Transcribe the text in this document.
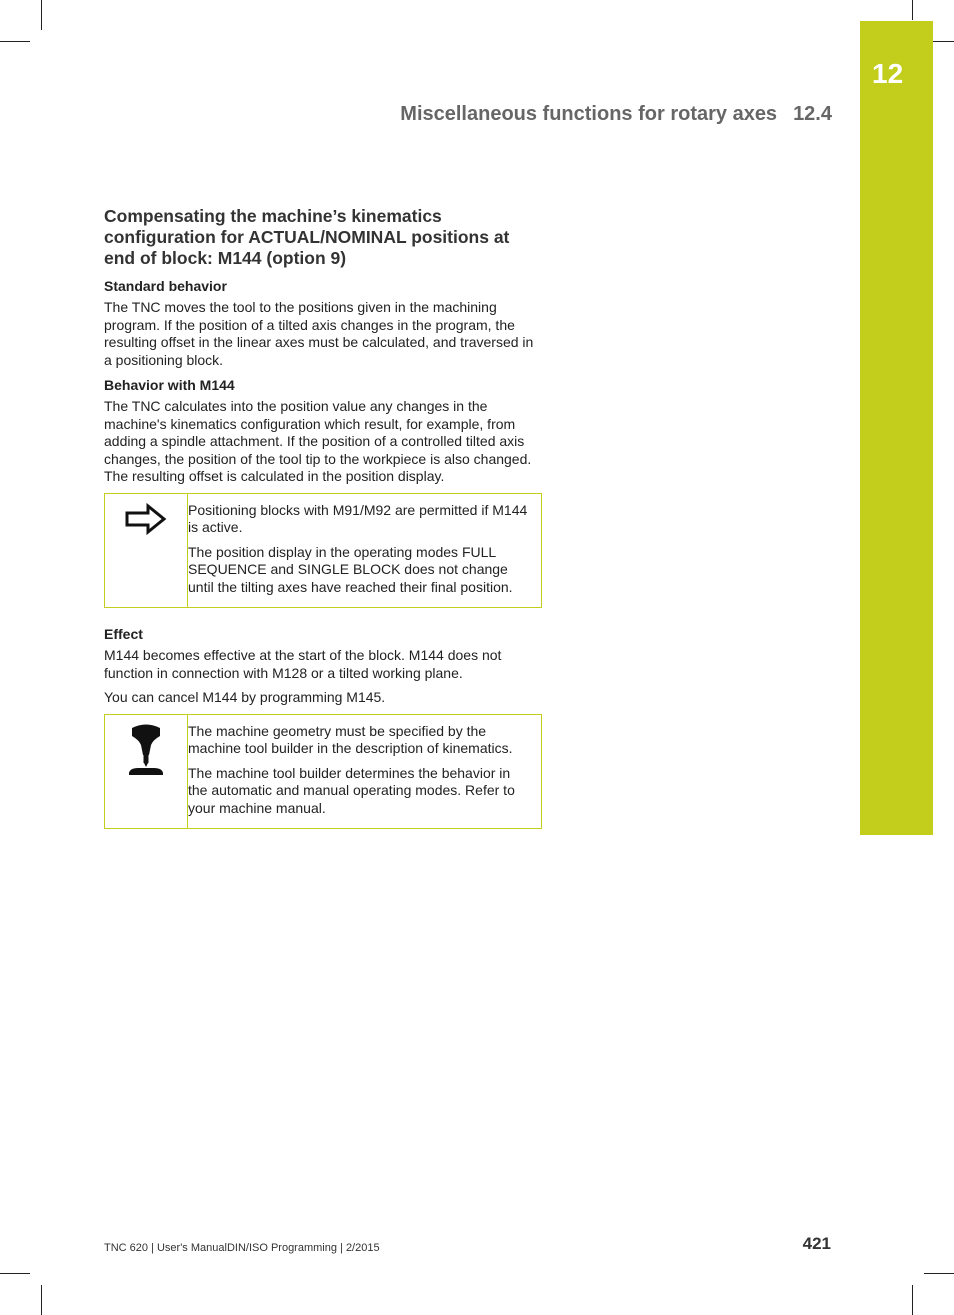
12
Miscellaneous functions for rotary axes 12.4
Compensating the machine’s kinematics configuration for ACTUAL/NOMINAL positions at end of block: M144 (option 9)
Standard behavior

The TNC moves the tool to the positions given in the machining program. If the position of a tilted axis changes in the program, the resulting offset in the linear axes must be calculated, and traversed in a positioning block.

Behavior with M144

The TNC calculates into the position value any changes in the machine's kinematics configuration which result, for example, from adding a spindle attachment. If the position of a controlled tilted axis changes, the position of the tool tip to the workpiece is also changed. The resulting offset is calculated in the position display.

Positioning blocks with M91/M92 are permitted if M144 is active.

The position display in the operating modes FULL SEQUENCE and SINGLE BLOCK does not change until the tilting axes have reached their final position.

Effect

M144 becomes effective at the start of the block. M144 does not function in connection with M128 or a tilted working plane.

You can cancel M144 by programming M145.

The machine geometry must be specified by the machine tool builder in the description of kinematics.

The machine tool builder determines the behavior in the automatic and manual operating modes. Refer to your machine manual.

TNC 620 | User's ManualDIN/ISO Programming | 2/2015	421
